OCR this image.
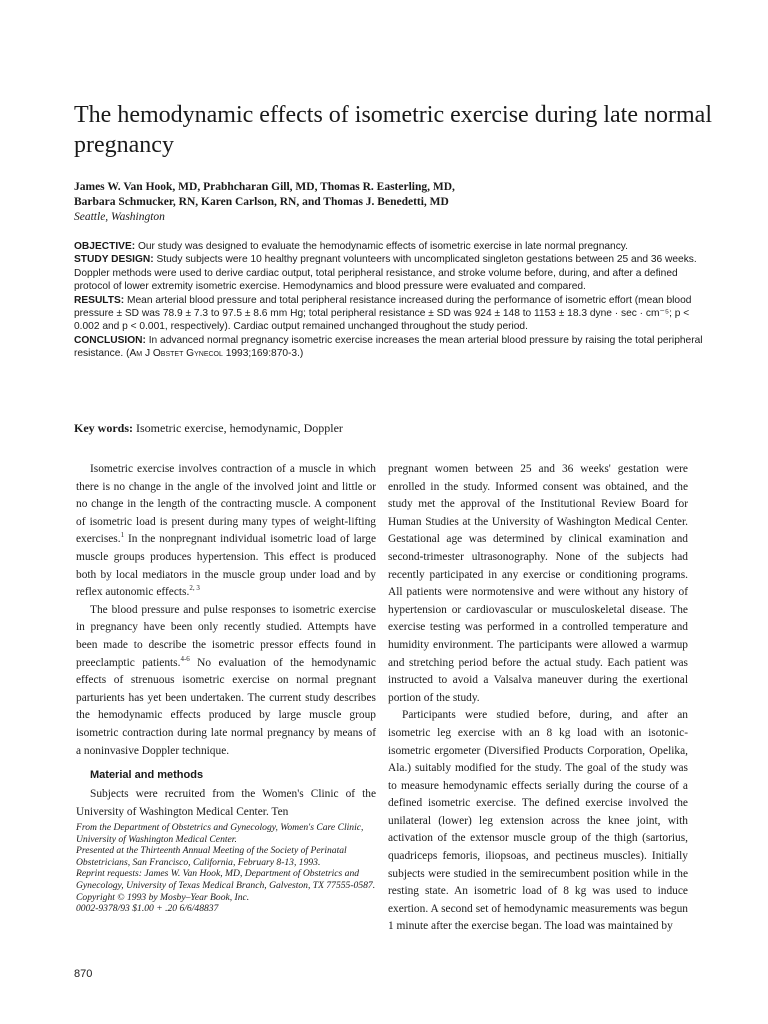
The hemodynamic effects of isometric exercise during late normal pregnancy
James W. Van Hook, MD, Prabhcharan Gill, MD, Thomas R. Easterling, MD,
Barbara Schmucker, RN, Karen Carlson, RN, and Thomas J. Benedetti, MD
Seattle, Washington

OBJECTIVE: Our study was designed to evaluate the hemodynamic effects of isometric exercise in late normal pregnancy.

STUDY DESIGN: Study subjects were 10 healthy pregnant volunteers with uncomplicated singleton gestations between 25 and 36 weeks. Doppler methods were used to derive cardiac output, total peripheral resistance, and stroke volume before, during, and after a defined protocol of lower extremity isometric exercise. Hemodynamics and blood pressure were evaluated and compared.

RESULTS: Mean arterial blood pressure and total peripheral resistance increased during the performance of isometric effort (mean blood pressure ± SD was 78.9 ± 7.3 to 97.5 ± 8.6 mm Hg; total peripheral resistance ± SD was 924 ± 148 to 1153 ± 18.3 dyne · sec · cm⁻⁵; p < 0.002 and p < 0.001, respectively). Cardiac output remained unchanged throughout the study period.

CONCLUSION: In advanced normal pregnancy isometric exercise increases the mean arterial blood pressure by raising the total peripheral resistance. (Am J Obstet Gynecol 1993;169:870-3.)

Key words: Isometric exercise, hemodynamic, Doppler

Isometric exercise involves contraction of a muscle in which there is no change in the angle of the involved joint and little or no change in the length of the contracting muscle. A component of isometric load is present during many types of weight-lifting exercises.$^1$ In the nonpregnant individual isometric load of large muscle groups produces hypertension. This effect is produced both by local mediators in the muscle group under load and by reflex autonomic effects.$^{2, 3}$

The blood pressure and pulse responses to isometric exercise in pregnancy have been only recently studied. Attempts have been made to describe the isometric pressor effects found in preeclamptic patients.$^{4-6}$ No evaluation of the hemodynamic effects of strenuous isometric exercise on normal pregnant parturients has yet been undertaken. The current study describes the hemodynamic effects produced by large muscle group isometric contraction during late normal pregnancy by means of a noninvasive Doppler technique.

Material and methods

Subjects were recruited from the Women's Clinic of the University of Washington Medical Center. Ten

pregnant women between 25 and 36 weeks' gestation were enrolled in the study. Informed consent was obtained, and the study met the approval of the Institutional Review Board for Human Studies at the University of Washington Medical Center. Gestational age was determined by clinical examination and second-trimester ultrasonography. None of the subjects had recently participated in any exercise or conditioning programs. All patients were normotensive and were without any history of hypertension or cardiovascular or musculoskeletal disease. The exercise testing was performed in a controlled temperature and humidity environment. The participants were allowed a warmup and stretching period before the actual study. Each patient was instructed to avoid a Valsalva maneuver during the exertional portion of the study.

Participants were studied before, during, and after an isometric leg exercise with an 8 kg load with an isotonic-isometric ergometer (Diversified Products Corporation, Opelika, Ala.) suitably modified for the study. The goal of the study was to measure hemodynamic effects serially during the course of a defined isometric exercise. The defined exercise involved the unilateral (lower) leg extension across the knee joint, with activation of the extensor muscle group of the thigh (sartorius, quadriceps femoris, iliopsoas, and pectineus muscles). Initially subjects were studied in the semirecumbent position while in the resting state. An isometric load of 8 kg was used to induce exertion. A second set of hemodynamic measurements was begun 1 minute after the exercise began. The load was maintained by

From the Department of Obstetrics and Gynecology, Women's Care Clinic, University of Washington Medical Center.

Presented at the Thirteenth Annual Meeting of the Society of Perinatal Obstetricians, San Francisco, California, February 8-13, 1993.

Reprint requests: James W. Van Hook, MD, Department of Obstetrics and Gynecology, University of Texas Medical Branch, Galveston, TX 77555-0587.

Copyright © 1993 by Mosby–Year Book, Inc.

0002-9378/93 $1.00 + .20 6/6/48837

870
